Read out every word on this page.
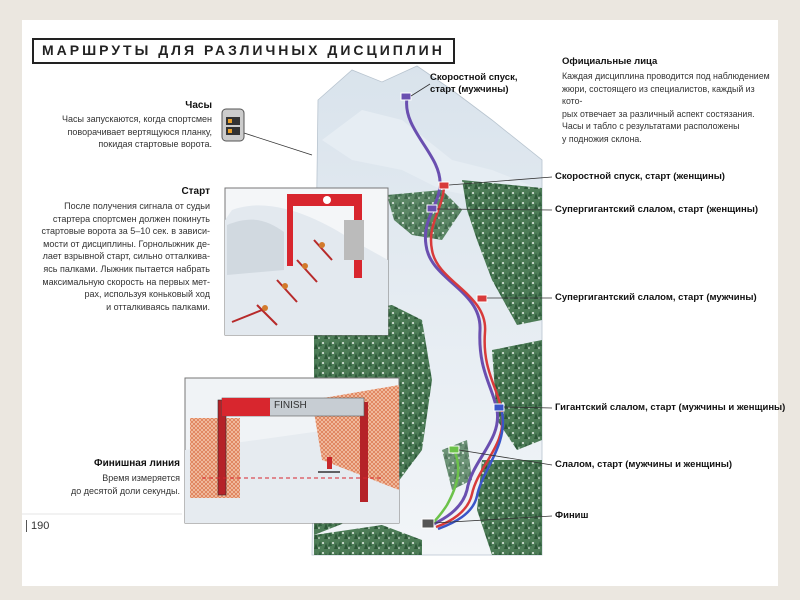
МАРШРУТЫ ДЛЯ РАЗЛИЧНЫХ ДИСЦИПЛИН
Часы
Часы запускаются, когда спортсмен
поворачивает вертящуюся планку,
покидая стартовые ворота.
Старт
После получения сигнала от судьи
стартера спортсмен должен покинуть
стартовые ворота за 5–10 сек. в зависи-
мости от дисциплины. Горнолыжник де-
лает взрывной старт, сильно отталкива-
ясь палками. Лыжник пытается набрать
максимальную скорость на первых мет-
рах, используя коньковый ход
и отталкиваясь палками.
Финишная линия
Время измеряется
до десятой доли секунды.
FINISH
Официальные лица
Каждая дисциплина проводится под наблюдением
жюри, состоящего из специалистов, каждый из кото-
рых отвечает за различный аспект состязания.
Часы и табло с результатами расположены
у подножия склона.
Скоростной спуск,
старт (мужчины)
Скоростной спуск, старт (женщины)
Супергигантский слалом, старт (женщины)
Супергигантский слалом, старт (мужчины)
Гигантский слалом, старт (мужчины и женщины)
Слалом, старт (мужчины и женщины)
Финиш
190
